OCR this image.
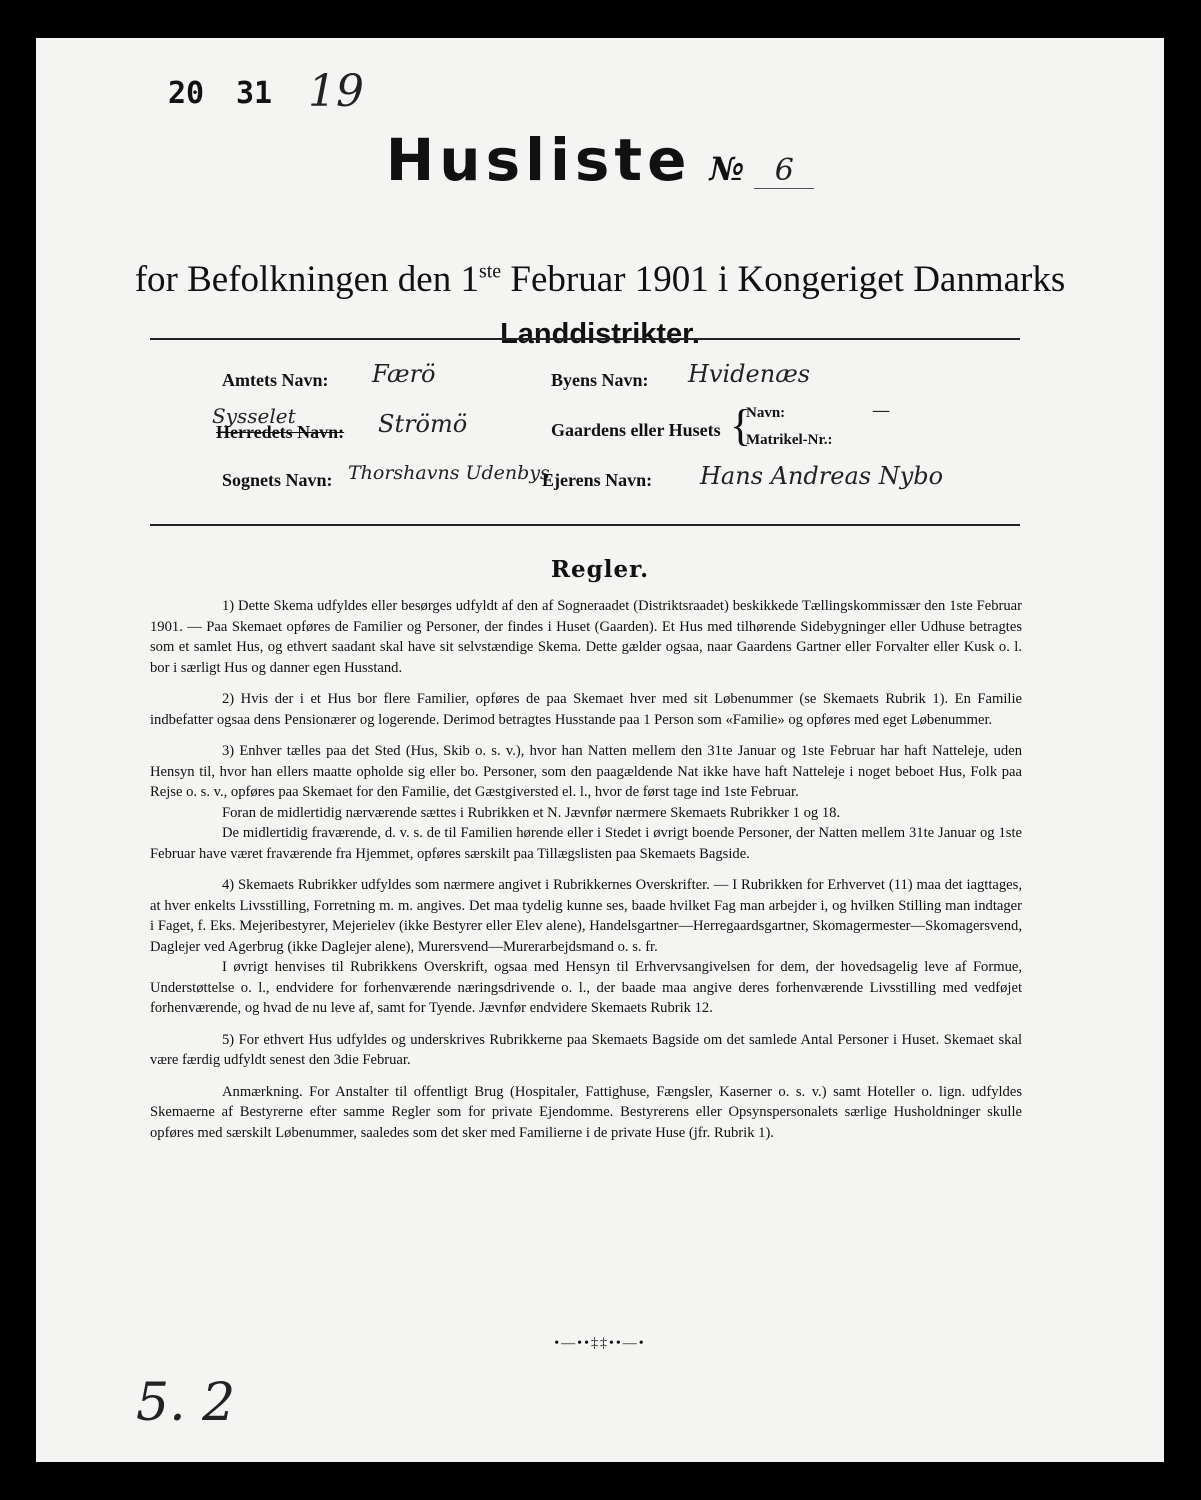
20 31 19
Husliste № 6
for Befolkningen den 1ste Februar 1901 i Kongeriget Danmarks
Landdistrikter.
Amtets Navn: Færö
Sysselet
Herredets Navn: Strömö
Sognets Navn: Thorshavns Udenbys
Byens Navn: Hvidenæs
Gaardens eller Husets {
Navn:	—
Matrikel-Nr.:
Ejerens Navn: Hans Andreas Nybo
Regler.

1) Dette Skema udfyldes eller besørges udfyldt af den af Sogneraadet (Distriktsraadet) beskikkede Tællingskommissær den 1ste Februar 1901. — Paa Skemaet opføres de Familier og Personer, der findes i Huset (Gaarden). Et Hus med tilhørende Sidebygninger eller Udhuse betragtes som et samlet Hus, og ethvert saadant skal have sit selvstændige Skema. Dette gælder ogsaa, naar Gaardens Gartner eller Forvalter eller Kusk o. l. bor i særligt Hus og danner egen Husstand.

2) Hvis der i et Hus bor flere Familier, opføres de paa Skemaet hver med sit Løbenummer (se Skemaets Rubrik 1). En Familie indbefatter ogsaa dens Pensionærer og logerende. Derimod betragtes Husstande paa 1 Person som «Familie» og opføres med eget Løbenummer.

3) Enhver tælles paa det Sted (Hus, Skib o. s. v.), hvor han Natten mellem den 31te Januar og 1ste Februar har haft Natteleje, uden Hensyn til, hvor han ellers maatte opholde sig eller bo. Personer, som den paagældende Nat ikke have haft Natteleje i noget beboet Hus, Folk paa Rejse o. s. v., opføres paa Skemaet for den Familie, det Gæstgiversted el. l., hvor de først tage ind 1ste Februar.

Foran de midlertidig nærværende sættes i Rubrikken et N. Jævnfør nærmere Skemaets Rubrikker 1 og 18.

De midlertidig fraværende, d. v. s. de til Familien hørende eller i Stedet i øvrigt boende Personer, der Natten mellem 31te Januar og 1ste Februar have været fraværende fra Hjemmet, opføres særskilt paa Tillægslisten paa Skemaets Bagside.

4) Skemaets Rubrikker udfyldes som nærmere angivet i Rubrikkernes Overskrifter. — I Rubrikken for Erhvervet (11) maa det iagttages, at hver enkelts Livsstilling, Forretning m. m. angives. Det maa tydelig kunne ses, baade hvilket Fag man arbejder i, og hvilken Stilling man indtager i Faget, f. Eks. Mejeribestyrer, Mejerielev (ikke Bestyrer eller Elev alene), Handelsgartner—Herregaardsgartner, Skomagermester—Skomagersvend, Daglejer ved Agerbrug (ikke Daglejer alene), Murersvend—Murerarbejdsmand o. s. fr.

I øvrigt henvises til Rubrikkens Overskrift, ogsaa med Hensyn til Erhvervsangivelsen for dem, der hovedsagelig leve af Formue, Understøttelse o. l., endvidere for forhenværende næringsdrivende o. l., der baade maa angive deres forhenværende Livsstilling med vedføjet forhenværende, og hvad de nu leve af, samt for Tyende. Jævnfør endvidere Skemaets Rubrik 12.

5) For ethvert Hus udfyldes og underskrives Rubrikkerne paa Skemaets Bagside om det samlede Antal Personer i Huset. Skemaet skal være færdig udfyldt senest den 3die Februar.

Anmærkning. For Anstalter til offentligt Brug (Hospitaler, Fattighuse, Fængsler, Kaserner o. s. v.) samt Hoteller o. lign. udfyldes Skemaerne af Bestyrerne efter samme Regler som for private Ejendomme. Bestyrerens eller Opsynspersonalets særlige Husholdninger skulle opføres med særskilt Løbenummer, saaledes som det sker med Familierne i de private Huse (jfr. Rubrik 1).

•—••‡‡••—•
5. 2
